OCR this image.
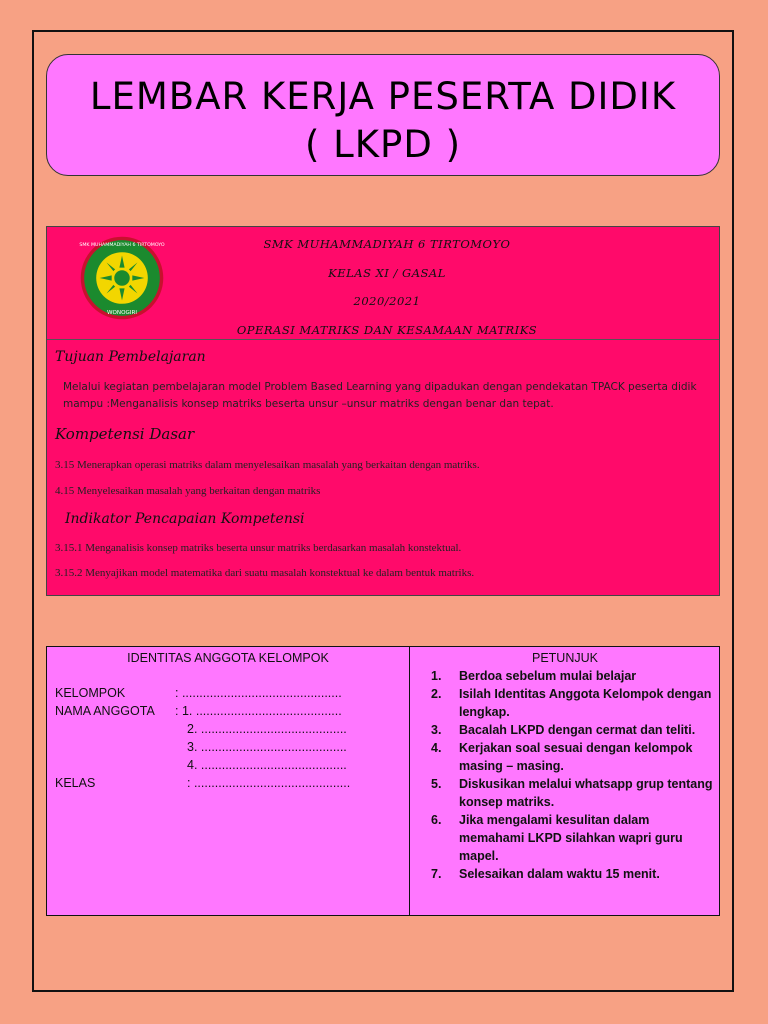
LEMBAR KERJA PESERTA DIDIK
( LKPD )
SMK MUHAMMADIYAH 6 TIRTOMOYO
WONOGIRI
SMK MUHAMMADIYAH 6 TIRTOMOYO
KELAS XI / GASAL
2020/2021
OPERASI MATRIKS DAN KESAMAAN MATRIKS
Tujuan Pembelajaran
Melalui kegiatan pembelajaran model Problem Based Learning yang dipadukan dengan pendekatan TPACK peserta didik mampu :Menganalisis konsep matriks beserta unsur –unsur matriks dengan benar dan tepat.
Kompetensi Dasar
3.15 Menerapkan operasi matriks dalam menyelesaikan masalah yang berkaitan dengan matriks.
4.15 Menyelesaikan masalah yang berkaitan dengan matriks
Indikator Pencapaian Kompetensi
3.15.1 Menganalisis konsep matriks beserta unsur matriks berdasarkan masalah konstektual.
3.15.2 Menyajikan model matematika dari suatu masalah konstektual ke dalam bentuk matriks.
IDENTITAS ANGGOTA KELOMPOK
KELOMPOK	: ..............................................
NAMA ANGGOTA : 1. ..........................................
2. ..........................................
3. ..........................................
4. ..........................................
KELAS	: .............................................
PETUNJUK
1. Berdoa sebelum mulai belajar
2. Isilah Identitas Anggota Kelompok dengan lengkap.
3. Bacalah LKPD dengan cermat dan teliti.
4. Kerjakan soal sesuai dengan kelompok masing – masing.
5. Diskusikan melalui whatsapp grup tentang konsep matriks.
6. Jika mengalami kesulitan dalam memahami LKPD silahkan wapri guru mapel.
7. Selesaikan dalam waktu 15 menit.
